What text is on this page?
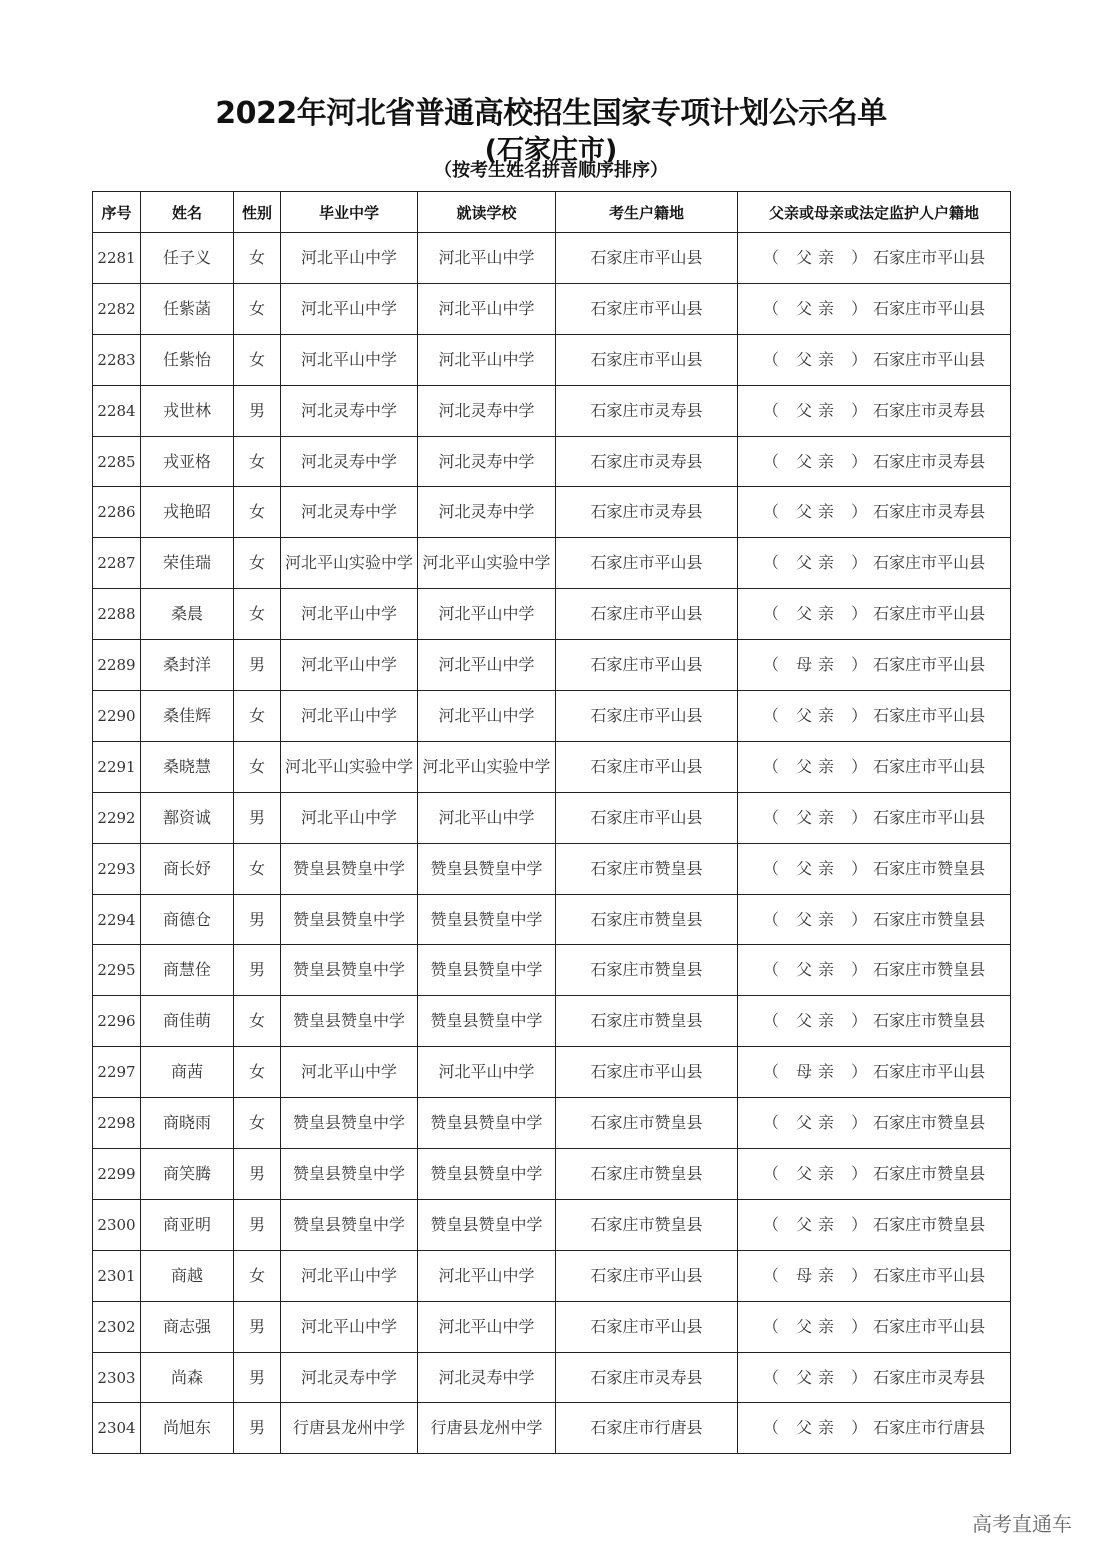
2022年河北省普通高校招生国家专项计划公示名单
(石家庄市)
（按考生姓名拼音顺序排序）
序号	姓名	性别	毕业中学	就读学校	考生户籍地	父亲或母亲或法定监护人户籍地
2281	任子义	女	河北平山中学	河北平山中学	石家庄市平山县	（ 父亲 ）石家庄市平山县
2282	任紫菡	女	河北平山中学	河北平山中学	石家庄市平山县	（ 父亲 ）石家庄市平山县
2283	任紫怡	女	河北平山中学	河北平山中学	石家庄市平山县	（ 父亲 ）石家庄市平山县
2284	戎世林	男	河北灵寿中学	河北灵寿中学	石家庄市灵寿县	（ 父亲 ）石家庄市灵寿县
2285	戎亚格	女	河北灵寿中学	河北灵寿中学	石家庄市灵寿县	（ 父亲 ）石家庄市灵寿县
2286	戎艳昭	女	河北灵寿中学	河北灵寿中学	石家庄市灵寿县	（ 父亲 ）石家庄市灵寿县
2287	荣佳瑞	女	河北平山实验中学	河北平山实验中学	石家庄市平山县	（ 父亲 ）石家庄市平山县
2288	桑晨	女	河北平山中学	河北平山中学	石家庄市平山县	（ 父亲 ）石家庄市平山县
2289	桑封洋	男	河北平山中学	河北平山中学	石家庄市平山县	（ 母亲 ）石家庄市平山县
2290	桑佳辉	女	河北平山中学	河北平山中学	石家庄市平山县	（ 父亲 ）石家庄市平山县
2291	桑晓慧	女	河北平山实验中学	河北平山实验中学	石家庄市平山县	（ 父亲 ）石家庄市平山县
2292	鄯资诚	男	河北平山中学	河北平山中学	石家庄市平山县	（ 父亲 ）石家庄市平山县
2293	商长妤	女	赞皇县赞皇中学	赞皇县赞皇中学	石家庄市赞皇县	（ 父亲 ）石家庄市赞皇县
2294	商德仓	男	赞皇县赞皇中学	赞皇县赞皇中学	石家庄市赞皇县	（ 父亲 ）石家庄市赞皇县
2295	商慧佺	男	赞皇县赞皇中学	赞皇县赞皇中学	石家庄市赞皇县	（ 父亲 ）石家庄市赞皇县
2296	商佳萌	女	赞皇县赞皇中学	赞皇县赞皇中学	石家庄市赞皇县	（ 父亲 ）石家庄市赞皇县
2297	商茜	女	河北平山中学	河北平山中学	石家庄市平山县	（ 母亲 ）石家庄市平山县
2298	商晓雨	女	赞皇县赞皇中学	赞皇县赞皇中学	石家庄市赞皇县	（ 父亲 ）石家庄市赞皇县
2299	商笑腾	男	赞皇县赞皇中学	赞皇县赞皇中学	石家庄市赞皇县	（ 父亲 ）石家庄市赞皇县
2300	商亚明	男	赞皇县赞皇中学	赞皇县赞皇中学	石家庄市赞皇县	（ 父亲 ）石家庄市赞皇县
2301	商越	女	河北平山中学	河北平山中学	石家庄市平山县	（ 母亲 ）石家庄市平山县
2302	商志强	男	河北平山中学	河北平山中学	石家庄市平山县	（ 父亲 ）石家庄市平山县
2303	尚森	男	河北灵寿中学	河北灵寿中学	石家庄市灵寿县	（ 父亲 ）石家庄市灵寿县
2304	尚旭东	男	行唐县龙州中学	行唐县龙州中学	石家庄市行唐县	（ 父亲 ）石家庄市行唐县
高考直通车
